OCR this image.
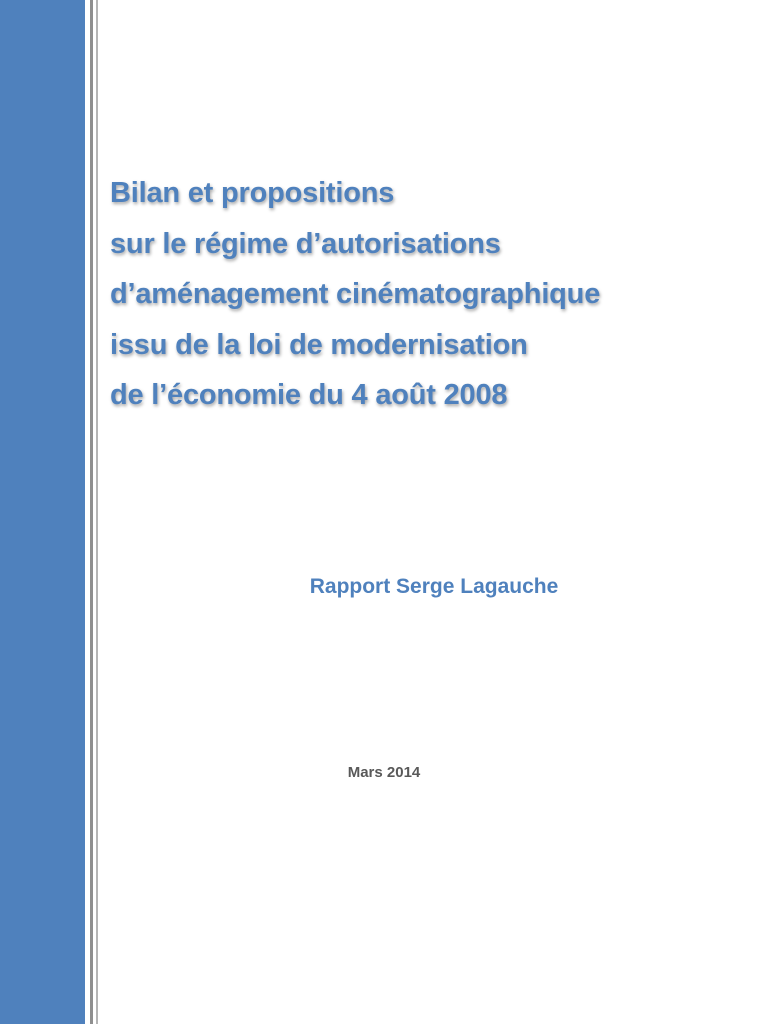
Bilan et propositions
sur le régime d’autorisations
d’aménagement cinématographique
issu de la loi de modernisation
de l’économie du 4 août 2008
Rapport Serge Lagauche
Mars 2014
